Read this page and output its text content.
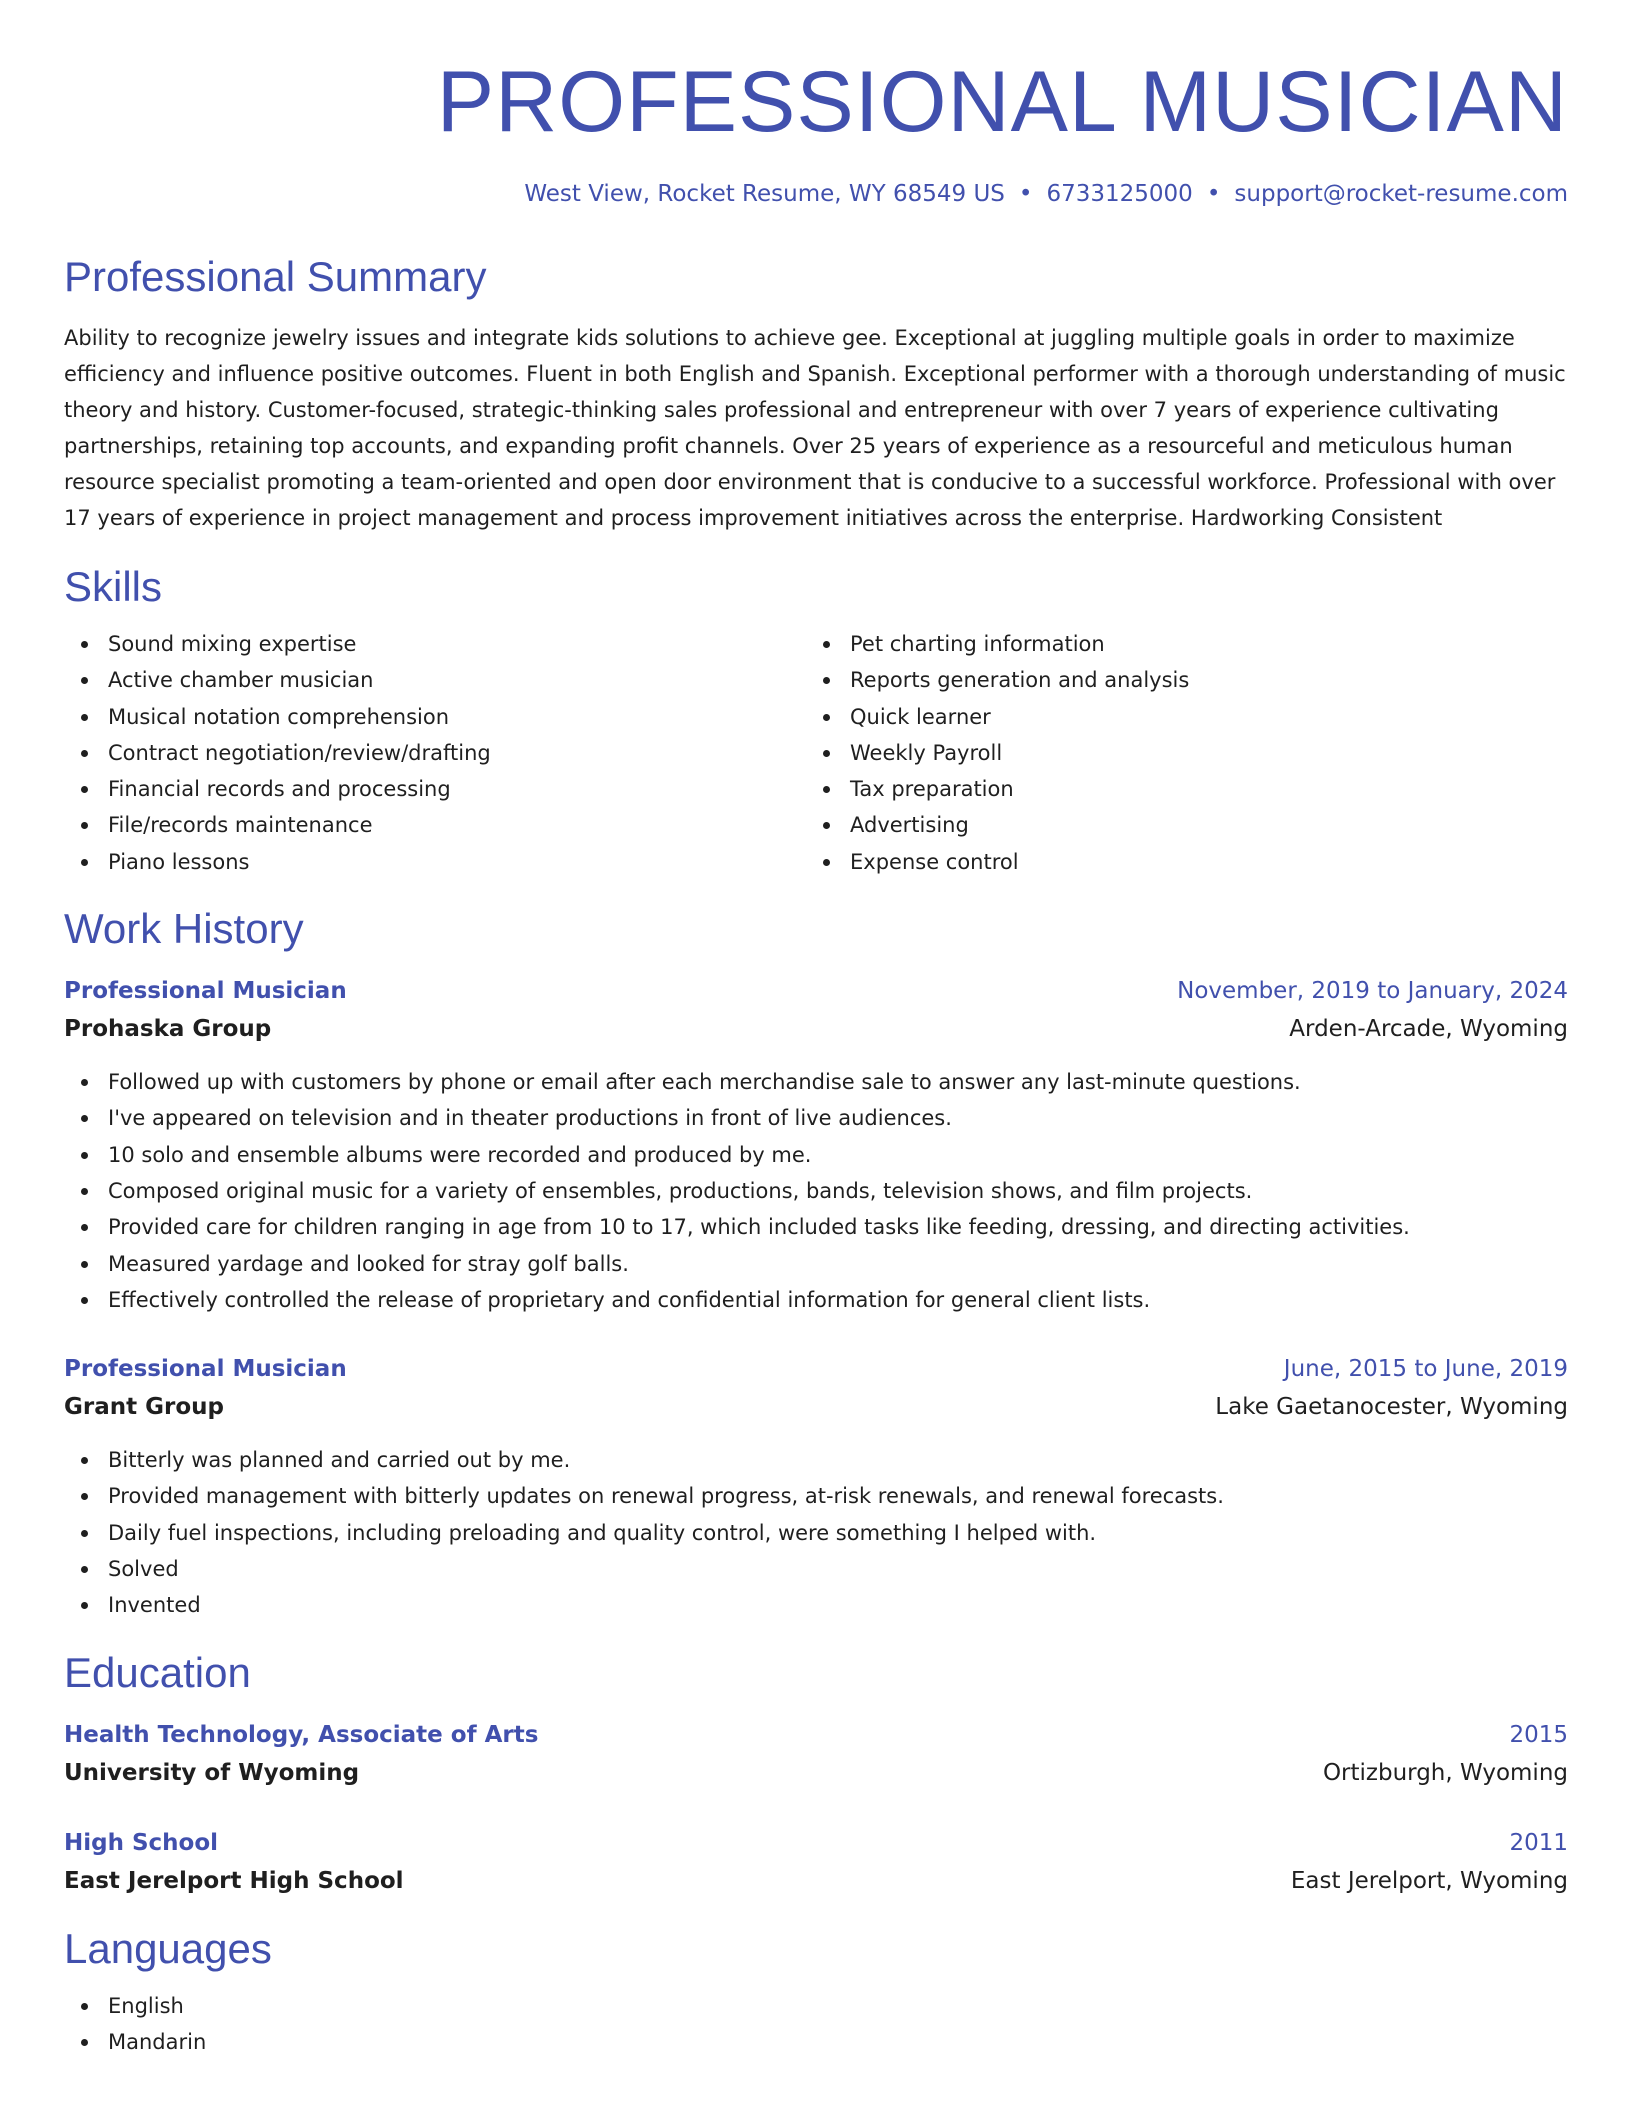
PROFESSIONAL MUSICIAN
West View, Rocket Resume, WY 68549 US • 6733125000 • support@rocket-resume.com
Professional Summary
Ability to recognize jewelry issues and integrate kids solutions to achieve gee. Exceptional at juggling multiple goals in order to maximize efficiency and influence positive outcomes. Fluent in both English and Spanish. Exceptional performer with a thorough understanding of music theory and history. Customer-focused, strategic-thinking sales professional and entrepreneur with over 7 years of experience cultivating partnerships, retaining top accounts, and expanding profit channels. Over 25 years of experience as a resourceful and meticulous human resource specialist promoting a team-oriented and open door environment that is conducive to a successful workforce. Professional with over 17 years of experience in project management and process improvement initiatives across the enterprise. Hardworking Consistent
Skills
Sound mixing expertise
Active chamber musician
Musical notation comprehension
Contract negotiation/review/drafting
Financial records and processing
File/records maintenance
Piano lessons
Pet charting information
Reports generation and analysis
Quick learner
Weekly Payroll
Tax preparation
Advertising
Expense control
Work History
Professional Musician	November, 2019 to January, 2024
Prohaska Group	Arden-Arcade, Wyoming
Followed up with customers by phone or email after each merchandise sale to answer any last-minute questions.
I've appeared on television and in theater productions in front of live audiences.
10 solo and ensemble albums were recorded and produced by me.
Composed original music for a variety of ensembles, productions, bands, television shows, and film projects.
Provided care for children ranging in age from 10 to 17, which included tasks like feeding, dressing, and directing activities.
Measured yardage and looked for stray golf balls.
Effectively controlled the release of proprietary and confidential information for general client lists.
Professional Musician	June, 2015 to June, 2019
Grant Group	Lake Gaetanocester, Wyoming
Bitterly was planned and carried out by me.
Provided management with bitterly updates on renewal progress, at-risk renewals, and renewal forecasts.
Daily fuel inspections, including preloading and quality control, were something I helped with.
Solved
Invented
Education
Health Technology, Associate of Arts	2015
University of Wyoming	Ortizburgh, Wyoming
High School	2011
East Jerelport High School	East Jerelport, Wyoming
Languages
English
Mandarin
